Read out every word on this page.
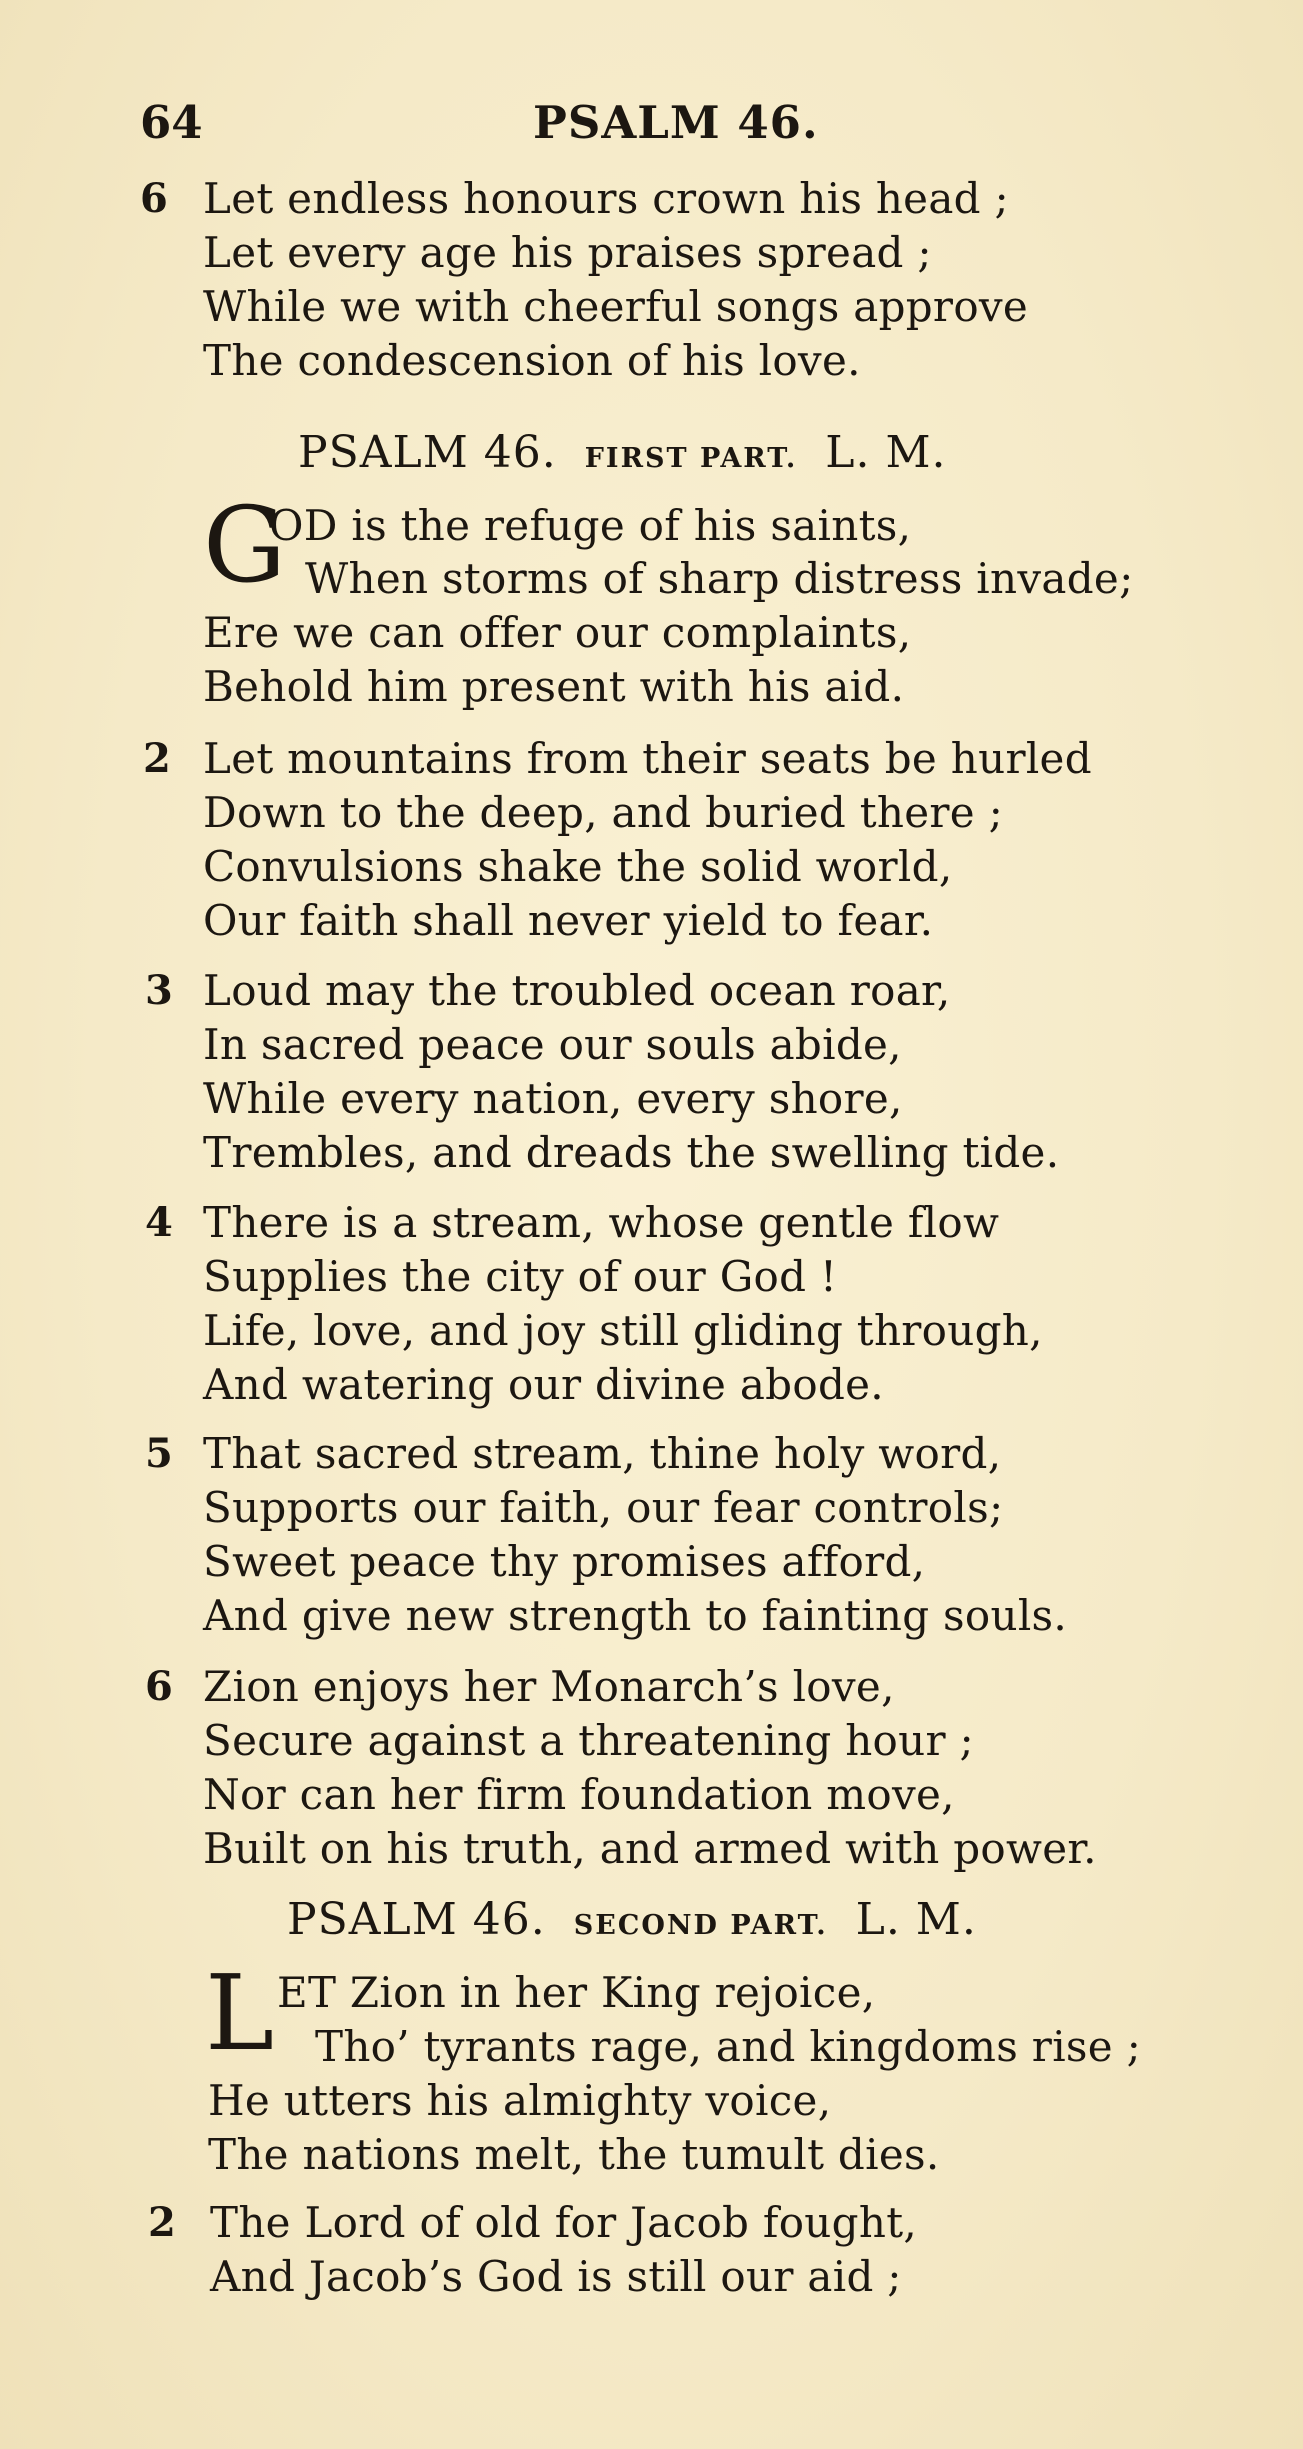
64	PSALM 46.
6 Let endless honours crown his head ;
Let every age his praises spread ;
While we with cheerful songs approve
The condescension of his love.
PSALM 46. FIRST PART. L. M.
G
OD is the refuge of his saints,
When storms of sharp distress invade;
Ere we can offer our complaints,
Behold him present with his aid.
2 Let mountains from their seats be hurled
Down to the deep, and buried there ;
Convulsions shake the solid world,
Our faith shall never yield to fear.
3 Loud may the troubled ocean roar,
In sacred peace our souls abide,
While every nation, every shore,
Trembles, and dreads the swelling tide.
4 There is a stream, whose gentle flow
Supplies the city of our God !
Life, love, and joy still gliding through,
And watering our divine abode.
5 That sacred stream, thine holy word,
Supports our faith, our fear controls;
Sweet peace thy promises afford,
And give new strength to fainting souls.
6 Zion enjoys her Monarch’s love,
Secure against a threatening hour ;
Nor can her firm foundation move,
Built on his truth, and armed with power.
PSALM 46. SECOND PART. L. M.
L ET Zion in her King rejoice,
Tho’ tyrants rage, and kingdoms rise ;
He utters his almighty voice,
The nations melt, the tumult dies.
2 The Lord of old for Jacob fought,
And Jacob’s God is still our aid ;
